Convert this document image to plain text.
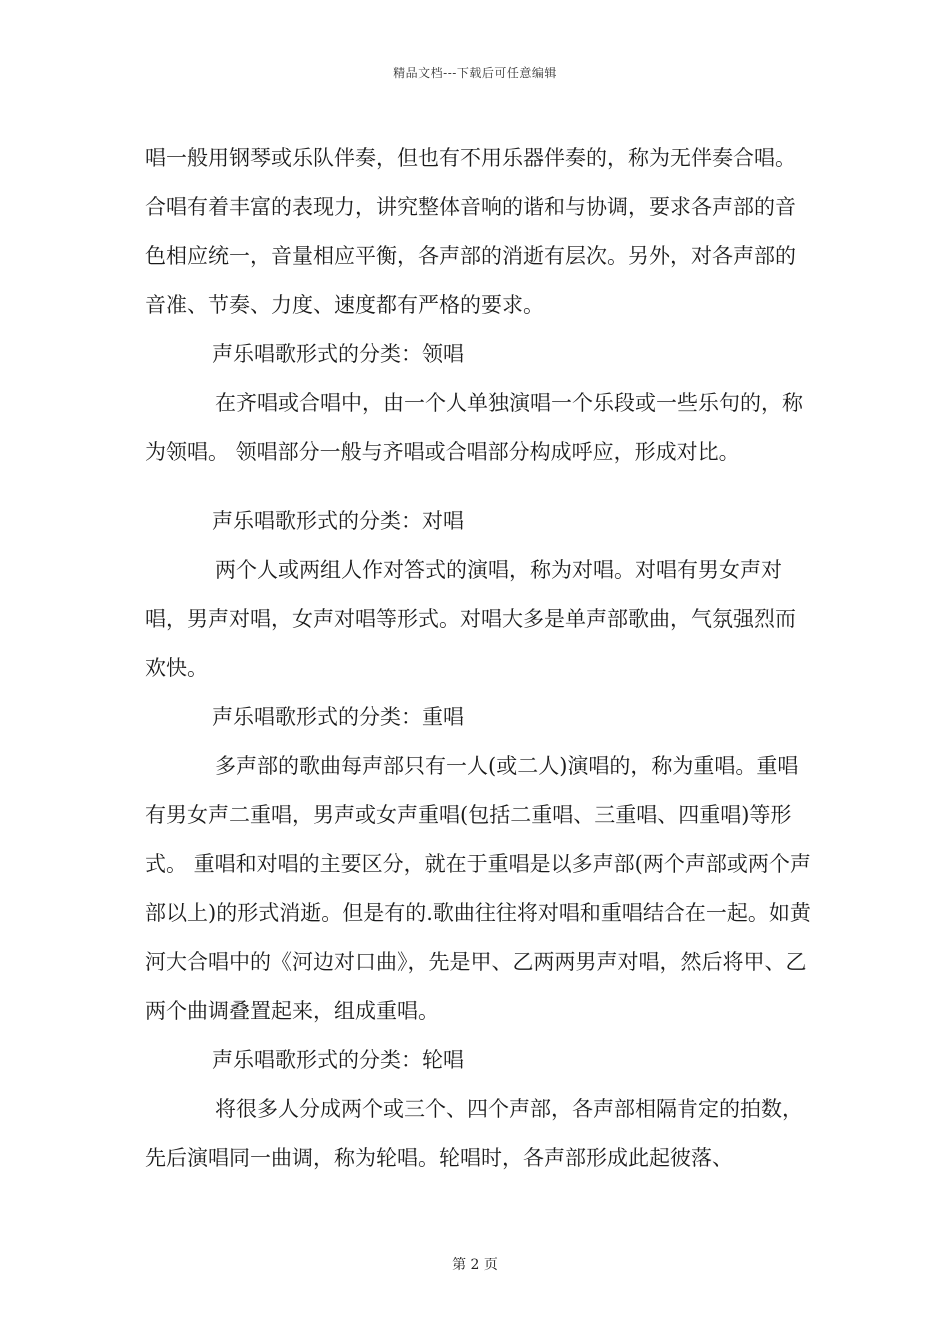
精品文档---下载后可任意编辑

唱一般用钢琴或乐队伴奏，但也有不用乐器伴奏的，称为无伴奏合唱。 合唱有着丰富的表现力，讲究整体音响的谐和与协调，要求各声部的音色相应统一，音量相应平衡，各声部的消逝有层次。另外，对各声部的音准、节奏、力度、速度都有严格的要求。

声乐唱歌形式的分类：领唱

在齐唱或合唱中，由一个人单独演唱一个乐段或一些乐句的，称为领唱。 领唱部分一般与齐唱或合唱部分构成呼应，形成对比。

声乐唱歌形式的分类：对唱

两个人或两组人作对答式的演唱，称为对唱。对唱有男女声对唱，男声对唱，女声对唱等形式。对唱大多是单声部歌曲，气氛强烈而欢快。

声乐唱歌形式的分类：重唱

多声部的歌曲每声部只有一人(或二人)演唱的，称为重唱。重唱有男女声二重唱，男声或女声重唱(包括二重唱、三重唱、四重唱)等形式。 重唱和对唱的主要区分，就在于重唱是以多声部(两个声部或两个声部以上)的形式消逝。但是有的.歌曲往往将对唱和重唱结合在一起。如黄河大合唱中的《河边对口曲》，先是甲、乙两两男声对唱，然后将甲、乙两个曲调叠置起来，组成重唱。

声乐唱歌形式的分类：轮唱

将很多人分成两个或三个、四个声部，各声部相隔肯定的拍数，先后演唱同一曲调，称为轮唱。轮唱时，各声部形成此起彼落、

第 2 页
